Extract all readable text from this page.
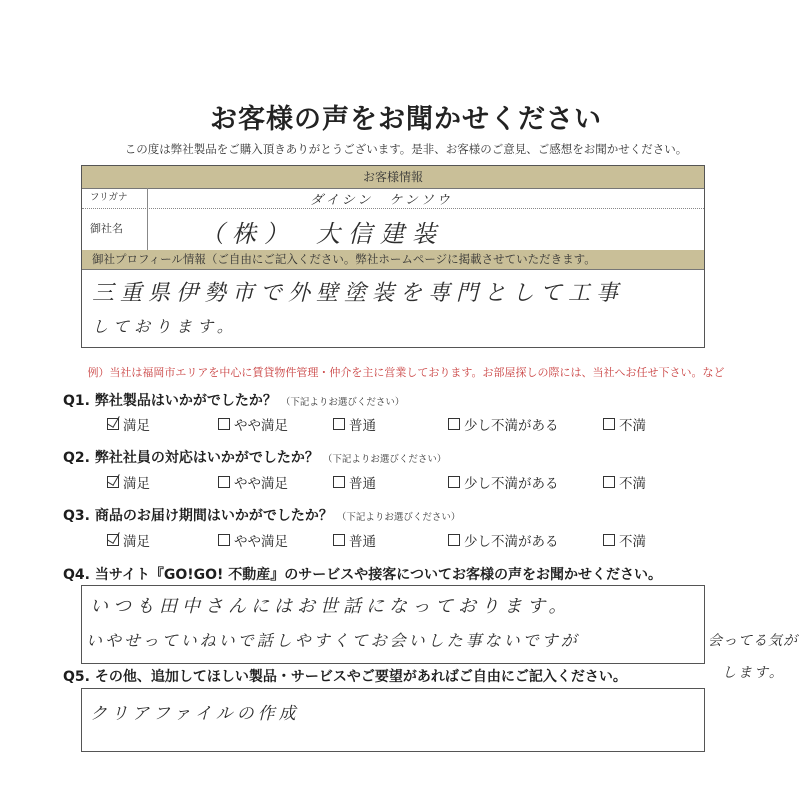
お客様の声をお聞かせください
この度は弊社製品をご購入頂きありがとうございます。是非、お客様のご意見、ご感想をお聞かせください。
お客様情報
フリガナ	ダイシン　ケンソウ
御社名	（株）　大信建装
御社プロフィール情報（ご自由にご記入ください。弊社ホームページに掲載させていただきます。
三重県伊勢市で外壁塗装を専門として工事
しております。
例）当社は福岡市エリアを中心に賃貸物件管理・仲介を主に営業しております。お部屋探しの際には、当社へお任せ下さい。など
Q1. 弊社製品はいかがでしたか？ （下記よりお選びください）
満足	やや満足	普通	少し不満がある	不満
Q2. 弊社社員の対応はいかがでしたか？ （下記よりお選びください）
満足	やや満足	普通	少し不満がある	不満
Q3. 商品のお届け期間はいかがでしたか？ （下記よりお選びください）
満足	やや満足	普通	少し不満がある	不満
Q4. 当サイト『GO!GO! 不動産』のサービスや接客についてお客様の声をお聞かせください。
いつも田中さんにはお世話になっております。
いやせっていねいで話しやすくてお会いした事ないですが	会ってる気が
します。
Q5. その他、追加してほしい製品・サービスやご要望があればご自由にご記入ください。
クリアファイルの作成
